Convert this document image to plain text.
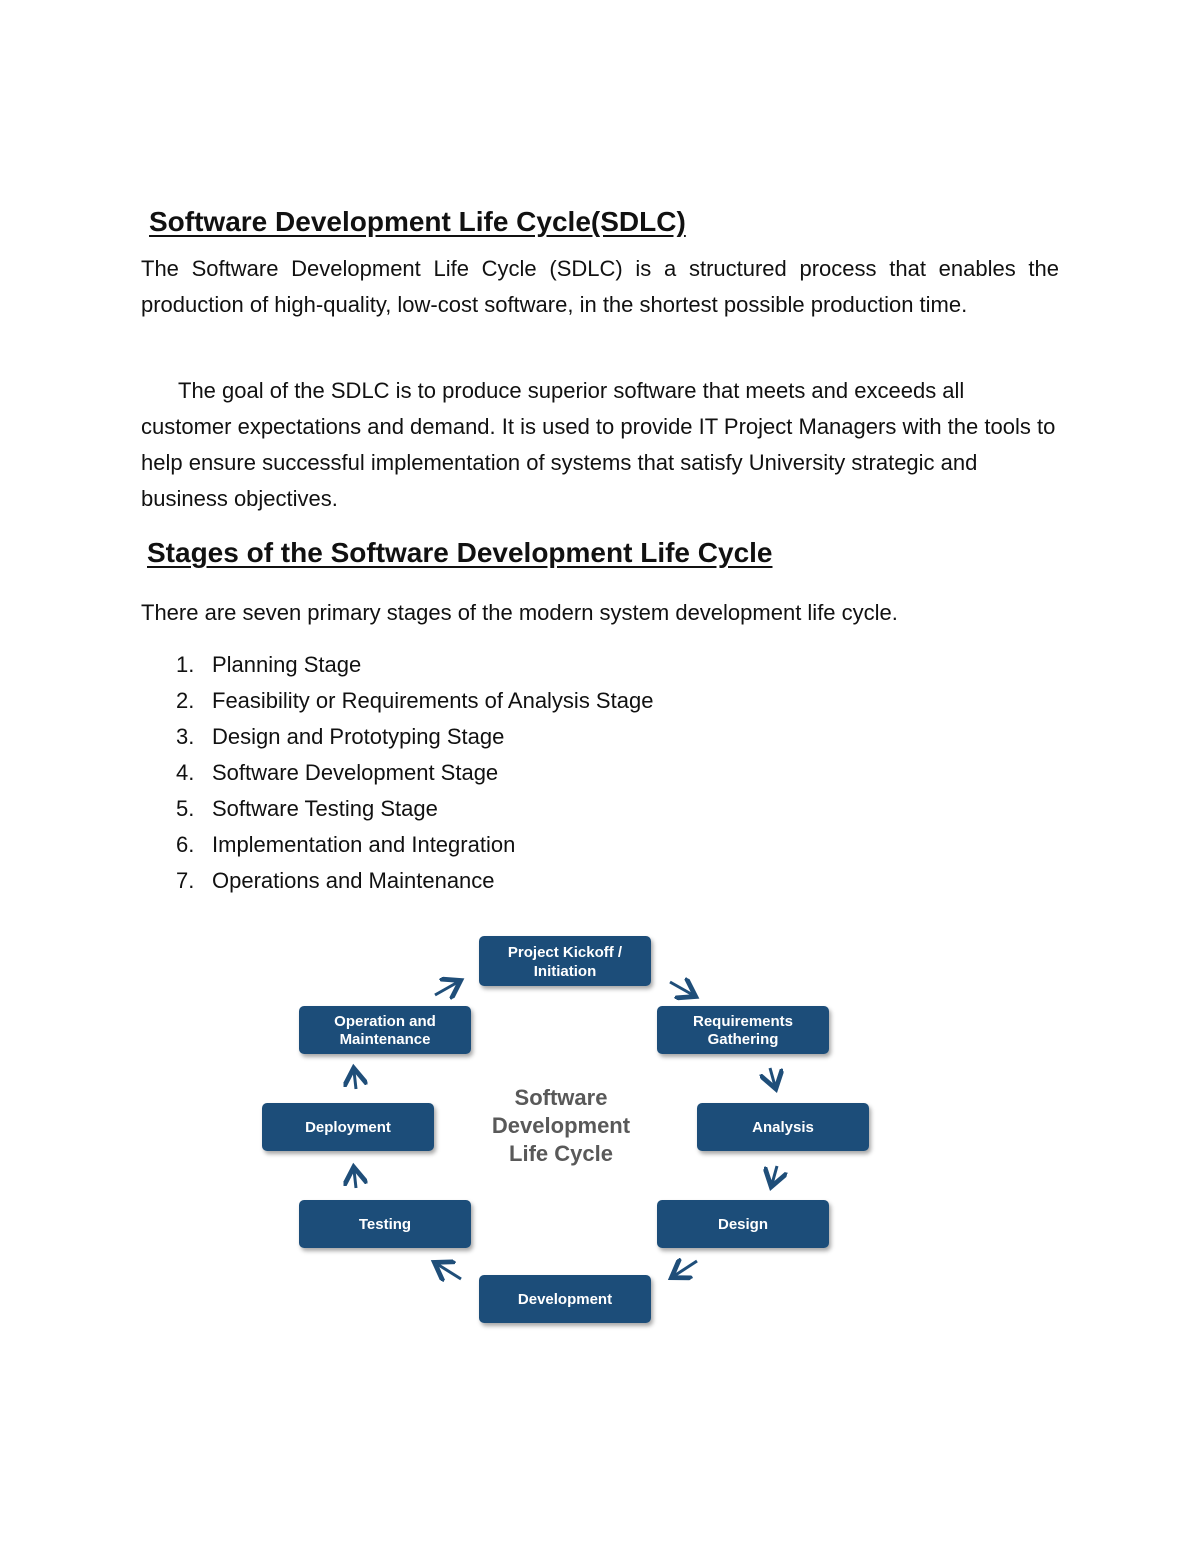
Software Development Life Cycle(SDLC)

The Software Development Life Cycle (SDLC) is a structured process that enables the production of high-quality, low-cost software, in the shortest possible production time.

The goal of the SDLC is to produce superior software that meets and exceeds all customer expectations and demand. It is used to provide IT Project Managers with the tools to help ensure successful implementation of systems that satisfy University strategic and business objectives.

Stages of the Software Development Life Cycle

There are seven primary stages of the modern system development life cycle.

1. Planning Stage
2. Feasibility or Requirements of Analysis Stage
3. Design and Prototyping Stage
4. Software Development Stage
5. Software Testing Stage
6. Implementation and Integration
7. Operations and Maintenance
Software
Development
Life Cycle
Project Kickoff /
Initiation
Requirements
Gathering
Analysis
Design
Development
Testing
Deployment
Operation and
Maintenance
